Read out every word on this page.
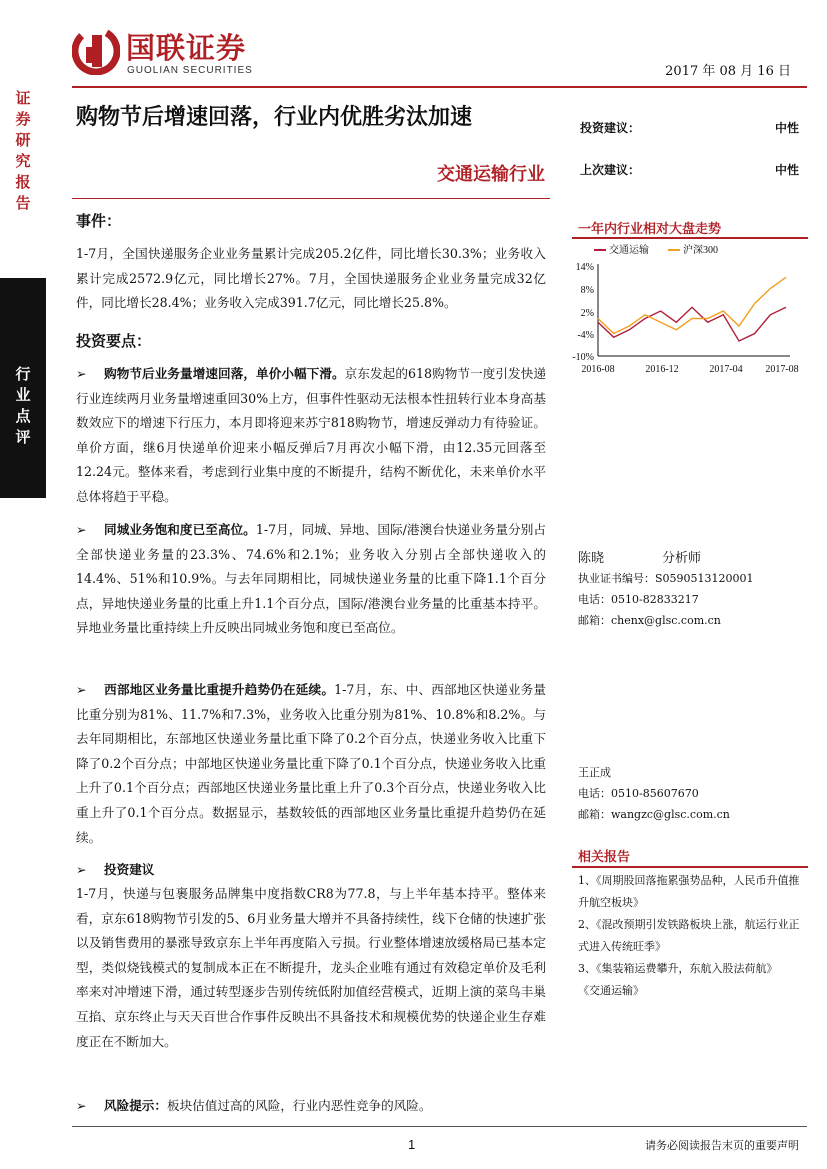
证
券
研
究
报
告
行
业
点
评
国联证券
GUOLIAN SECURITIES	2017 年 08 月 16 日
购物节后增速回落，行业内优胜劣汰加速
交通运输行业
投资建议：	中性
上次建议：	中性
事件：
1-7月，全国快递服务企业业务量累计完成205.2亿件，同比增长30.3%；业务收入累计完成2572.9亿元，同比增长27%。7月，全国快递服务企业业务量完成32亿件，同比增长28.4%；业务收入完成391.7亿元，同比增长25.8%。
投资要点：
➢ 购物节后业务量增速回落，单价小幅下滑。京东发起的618购物节一度引发快递行业连续两月业务量增速重回30%上方，但事件性驱动无法根本性扭转行业本身高基数效应下的增速下行压力，本月即将迎来苏宁818购物节，增速反弹动力有待验证。单价方面，继6月快递单价迎来小幅反弹后7月再次小幅下滑，由12.35元回落至12.24元。整体来看，考虑到行业集中度的不断提升，结构不断优化，未来单价水平总体将趋于平稳。
➢ 同城业务饱和度已至高位。1-7月，同城、异地、国际/港澳台快递业务量分别占全部快递业务量的23.3%、74.6%和2.1%；业务收入分别占全部快递收入的14.4%、51%和10.9%。与去年同期相比，同城快递业务量的比重下降1.1个百分点，异地快递业务量的比重上升1.1个百分点，国际/港澳台业务量的比重基本持平。异地业务量比重持续上升反映出同城业务饱和度已至高位。
➢ 西部地区业务量比重提升趋势仍在延续。1-7月，东、中、西部地区快递业务量比重分别为81%、11.7%和7.3%，业务收入比重分别为81%、10.8%和8.2%。与去年同期相比，东部地区快递业务量比重下降了0.2个百分点，快递业务收入比重下降了0.2个百分点；中部地区快递业务量比重下降了0.1个百分点，快递业务收入比重上升了0.1个百分点；西部地区快递业务量比重上升了0.3个百分点，快递业务收入比重上升了0.1个百分点。数据显示，基数较低的西部地区业务量比重提升趋势仍在延续。
➢ 投资建议
1-7月，快递与包裹服务品牌集中度指数CR8为77.8，与上半年基本持平。整体来看，京东618购物节引发的5、6月业务量大增并不具备持续性，线下仓储的快速扩张以及销售费用的暴涨导致京东上半年再度陷入亏损。行业整体增速放缓格局已基本定型，类似烧钱模式的复制成本正在不断提升，龙头企业唯有通过有效稳定单价及毛利率来对冲增速下滑，通过转型逐步告别传统低附加值经营模式，近期上演的菜鸟丰巢互掐、京东终止与天天百世合作事件反映出不具备技术和规模优势的快递企业生存难度正在不断加大。
➢ 风险提示：板块估值过高的风险，行业内恶性竞争的风险。
一年内行业相对大盘走势
交通运输	沪深300
14%
8%
2%
-4%
-10%
2016-08	2016-12	2017-04 2017-08
陈晓	分析师
执业证书编号：S0590513120001
电话：0510-82833217
邮箱：chenx@glsc.com.cn
王正成
电话：0510-85607670
邮箱：wangzc@glsc.com.cn
相关报告
1、《周期股回落拖累强势品种，人民币升值推升航空板块》
2、《混改预期引发铁路板块上涨，航运行业正式进入传统旺季》
3、《集装箱运费攀升，东航入股法荷航》
《交通运输》
1	请务必阅读报告末页的重要声明
